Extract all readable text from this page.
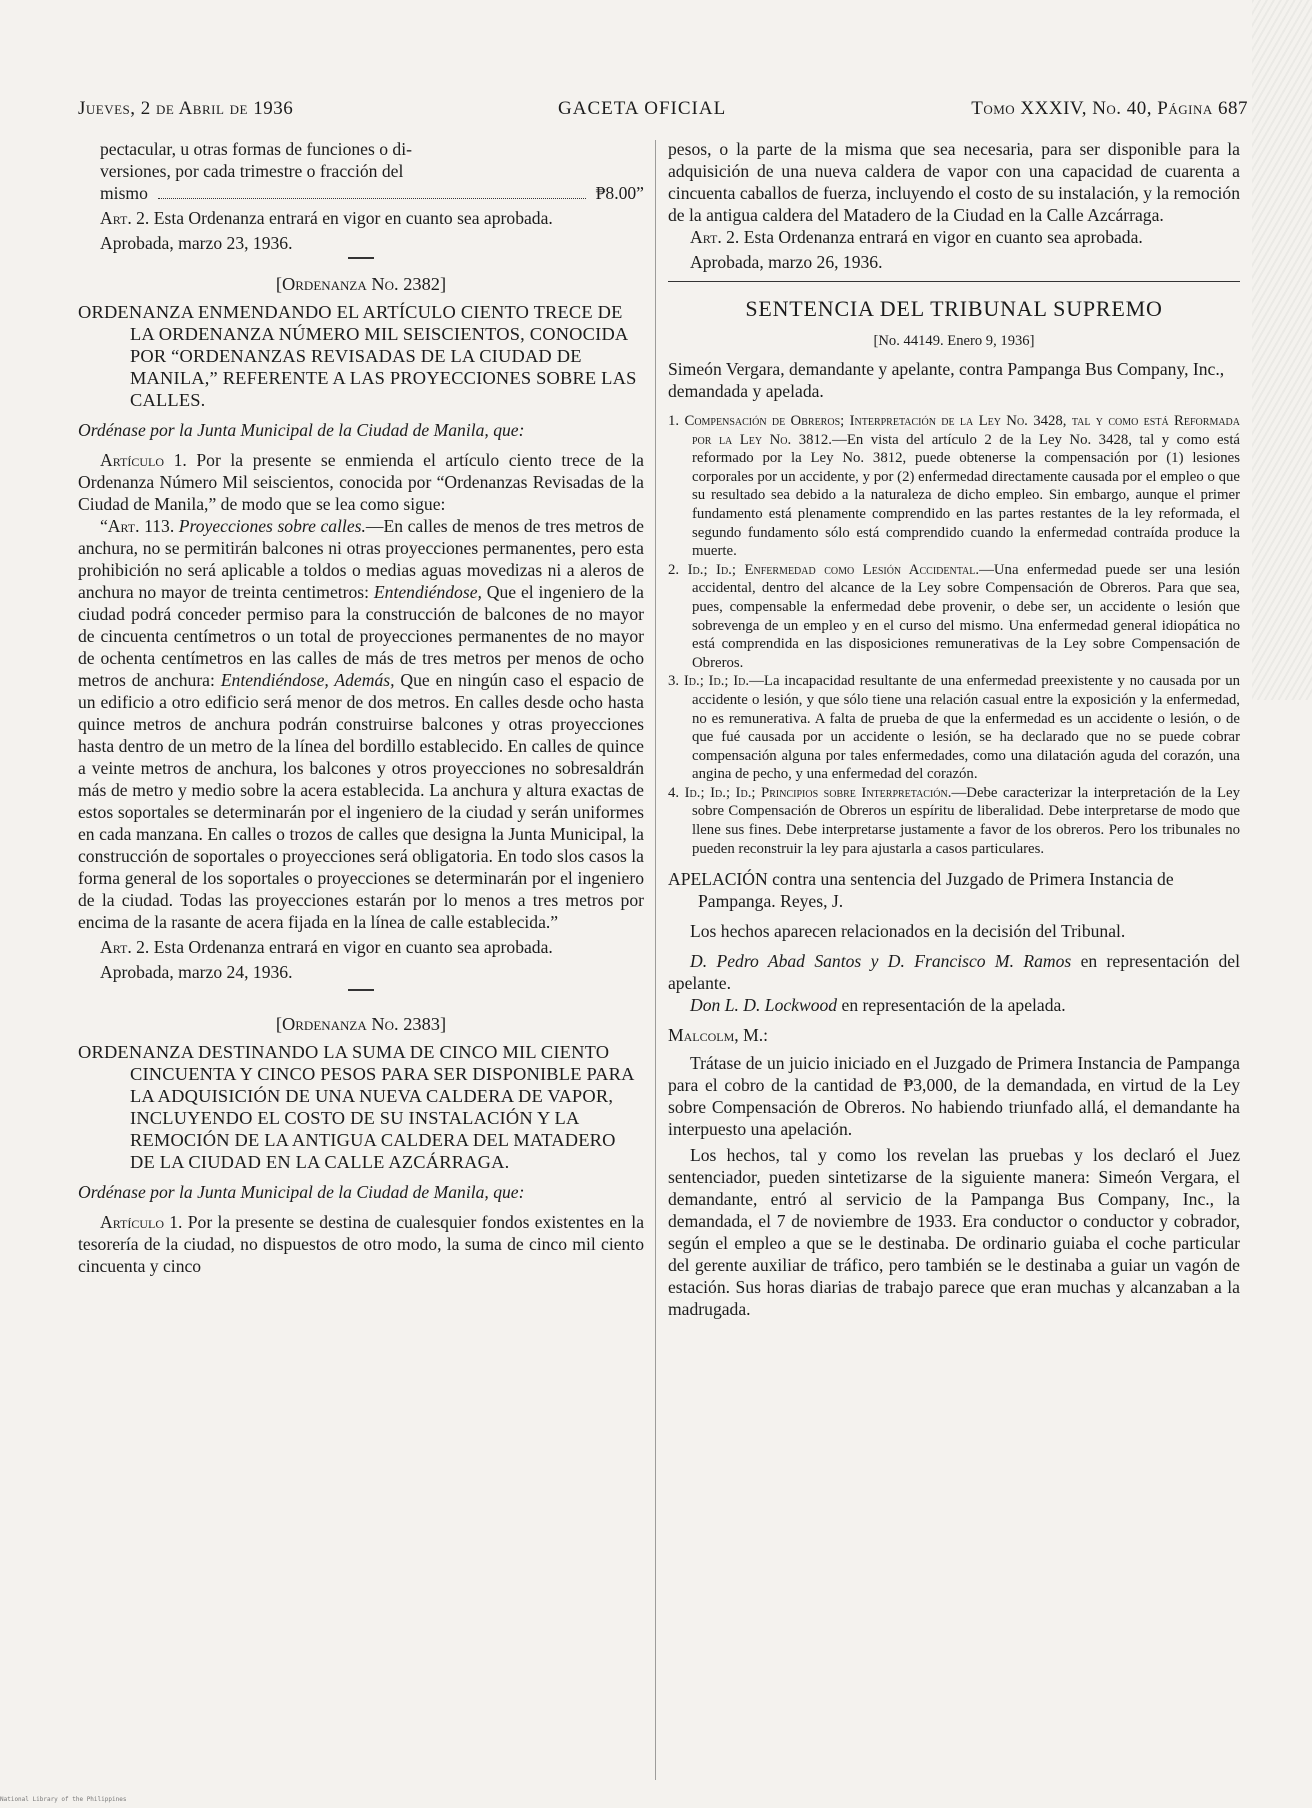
Jueves, 2 de Abril de 1936	GACETA OFICIAL	Tomo XXXIV, No. 40, Página 687

pectacular, u otras formas de funciones o di-

versiones, por cada trimestre o fracción del

mismo	₱8.00”

Art. 2. Esta Ordenanza entrará en vigor en cuanto sea aprobada.

Aprobada, marzo 23, 1936.

[Ordenanza No. 2382]

ORDENANZA ENMENDANDO EL ARTÍCULO CIENTO TRECE DE LA ORDENANZA NÚMERO MIL SEISCIENTOS, CONOCIDA POR “ORDENANZAS REVISADAS DE LA CIUDAD DE MANILA,” REFERENTE A LAS PROYECCIONES SOBRE LAS CALLES.

Ordénase por la Junta Municipal de la Ciudad de Manila, que:

Artículo 1. Por la presente se enmienda el artículo ciento trece de la Ordenanza Número Mil seiscientos, conocida por “Ordenanzas Revisadas de la Ciudad de Manila,” de modo que se lea como sigue:

“Art. 113. Proyecciones sobre calles.—En calles de menos de tres metros de anchura, no se permitirán balcones ni otras proyecciones permanentes, pero esta prohibición no será aplicable a toldos o medias aguas movedizas ni a aleros de anchura no mayor de treinta centimetros: Entendiéndose, Que el ingeniero de la ciudad podrá conceder permiso para la construcción de balcones de no mayor de cincuenta centímetros o un total de proyecciones permanentes de no mayor de ochenta centímetros en las calles de más de tres metros per menos de ocho metros de anchura: Entendiéndose, Además, Que en ningún caso el espacio de un edificio a otro edificio será menor de dos metros. En calles desde ocho hasta quince metros de anchura podrán construirse balcones y otras proyecciones hasta dentro de un metro de la línea del bordillo establecido. En calles de quince a veinte metros de anchura, los balcones y otros proyecciones no sobresaldrán más de metro y medio sobre la acera establecida. La anchura y altura exactas de estos soportales se determinarán por el ingeniero de la ciudad y serán uniformes en cada manzana. En calles o trozos de calles que designa la Junta Municipal, la construcción de soportales o proyecciones será obligatoria. En todo slos casos la forma general de los soportales o proyecciones se determinarán por el ingeniero de la ciudad. Todas las proyecciones estarán por lo menos a tres metros por encima de la rasante de acera fijada en la línea de calle establecida.”

Art. 2. Esta Ordenanza entrará en vigor en cuanto sea aprobada.

Aprobada, marzo 24, 1936.

[Ordenanza No. 2383]

ORDENANZA DESTINANDO LA SUMA DE CINCO MIL CIENTO CINCUENTA Y CINCO PESOS PARA SER DISPONIBLE PARA LA ADQUISICIÓN DE UNA NUEVA CALDERA DE VAPOR, INCLUYENDO EL COSTO DE SU INSTALACIÓN Y LA REMOCIÓN DE LA ANTIGUA CALDERA DEL MATADERO DE LA CIUDAD EN LA CALLE AZCÁRRAGA.

Ordénase por la Junta Municipal de la Ciudad de Manila, que:

Artículo 1. Por la presente se destina de cualesquier fondos existentes en la tesorería de la ciudad, no dispuestos de otro modo, la suma de cinco mil ciento cincuenta y cinco

pesos, o la parte de la misma que sea necesaria, para ser disponible para la adquisición de una nueva caldera de vapor con una capacidad de cuarenta a cincuenta caballos de fuerza, incluyendo el costo de su instalación, y la remoción de la antigua caldera del Matadero de la Ciudad en la Calle Azcárraga.

Art. 2. Esta Ordenanza entrará en vigor en cuanto sea aprobada.

Aprobada, marzo 26, 1936.

SENTENCIA DEL TRIBUNAL SUPREMO

[No. 44149. Enero 9, 1936]

Simeón Vergara, demandante y apelante, contra Pampanga Bus Company, Inc., demandada y apelada.

1. Compensación de Obreros; Interpretación de la Ley No. 3428, tal y como está Reformada por la Ley No. 3812.—En vista del artículo 2 de la Ley No. 3428, tal y como está reformado por la Ley No. 3812, puede obtenerse la compensación por (1) lesiones corporales por un accidente, y por (2) enfermedad directamente causada por el empleo o que su resultado sea debido a la naturaleza de dicho empleo. Sin embargo, aunque el primer fundamento está plenamente comprendido en las partes restantes de la ley reformada, el segundo fundamento sólo está comprendido cuando la enfermedad contraída produce la muerte.

2. Id.; Id.; Enfermedad como Lesión Accidental.—Una enfermedad puede ser una lesión accidental, dentro del alcance de la Ley sobre Compensación de Obreros. Para que sea, pues, compensable la enfermedad debe provenir, o debe ser, un accidente o lesión que sobrevenga de un empleo y en el curso del mismo. Una enfermedad general idiopática no está comprendida en las disposiciones remunerativas de la Ley sobre Compensación de Obreros.

3. Id.; Id.; Id.—La incapacidad resultante de una enfermedad preexistente y no causada por un accidente o lesión, y que sólo tiene una relación casual entre la exposición y la enfermedad, no es remunerativa. A falta de prueba de que la enfermedad es un accidente o lesión, o de que fué causada por un accidente o lesión, se ha declarado que no se puede cobrar compensación alguna por tales enfermedades, como una dilatación aguda del corazón, una angina de pecho, y una enfermedad del corazón.

4. Id.; Id.; Id.; Principios sobre Interpretación.—Debe caracterizar la interpretación de la Ley sobre Compensación de Obreros un espíritu de liberalidad. Debe interpretarse de modo que llene sus fines. Debe interpretarse justamente a favor de los obreros. Pero los tribunales no pueden reconstruir la ley para ajustarla a casos particulares.

APELACIÓN contra una sentencia del Juzgado de Primera Instancia de Pampanga. Reyes, J.

Los hechos aparecen relacionados en la decisión del Tribunal.

D. Pedro Abad Santos y D. Francisco M. Ramos en representación del apelante.

Don L. D. Lockwood en representación de la apelada.

Malcolm, M.:

Trátase de un juicio iniciado en el Juzgado de Primera Instancia de Pampanga para el cobro de la cantidad de ₱3,000, de la demandada, en virtud de la Ley sobre Compensación de Obreros. No habiendo triunfado allá, el demandante ha interpuesto una apelación.

Los hechos, tal y como los revelan las pruebas y los declaró el Juez sentenciador, pueden sintetizarse de la siguiente manera: Simeón Vergara, el demandante, entró al servicio de la Pampanga Bus Company, Inc., la demandada, el 7 de noviembre de 1933. Era conductor o conductor y cobrador, según el empleo a que se le destinaba. De ordinario guiaba el coche particular del gerente auxiliar de tráfico, pero también se le destinaba a guiar un vagón de estación. Sus horas diarias de trabajo parece que eran muchas y alcanzaban a la madrugada.

National Library of the Philippines
